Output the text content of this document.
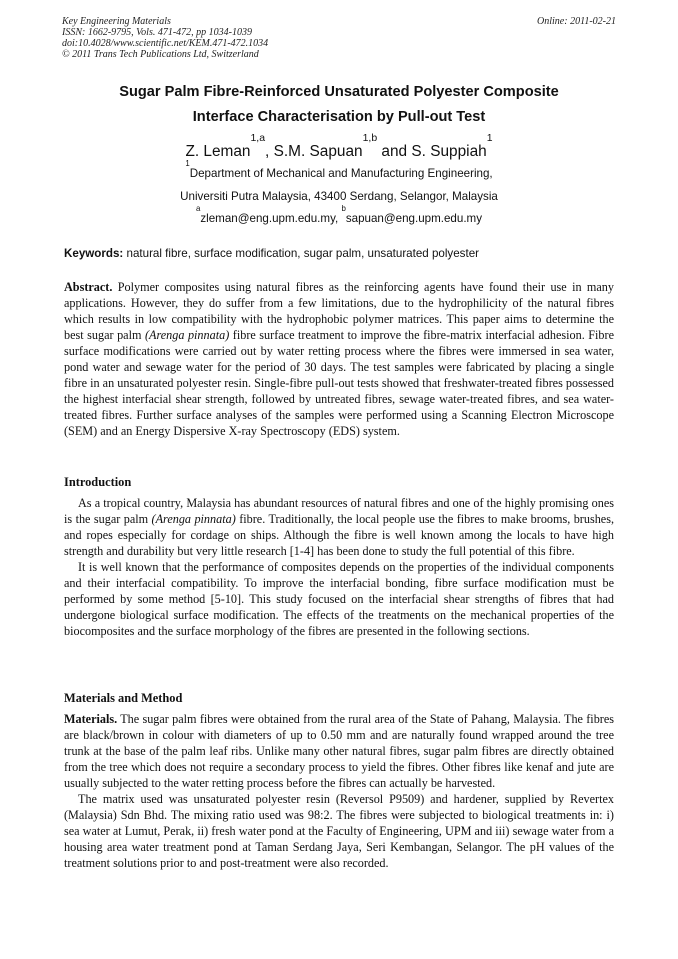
Key Engineering Materials
ISSN: 1662-9795, Vols. 471-472, pp 1034-1039
doi:10.4028/www.scientific.net/KEM.471-472.1034
© 2011 Trans Tech Publications Ltd, Switzerland
Online: 2011-02-21
Sugar Palm Fibre-Reinforced Unsaturated Polyester Composite
Interface Characterisation by Pull-out Test
Z. Leman$^{1,a}$, S.M. Sapuan$^{1,b}$ and S. Suppiah$^1$
$^1$Department of Mechanical and Manufacturing Engineering,
Universiti Putra Malaysia, 43400 Serdang, Selangor, Malaysia
$^a$zleman@eng.upm.edu.my, $^b$sapuan@eng.upm.edu.my
Keywords: natural fibre, surface modification, sugar palm, unsaturated polyester

Abstract. Polymer composites using natural fibres as the reinforcing agents have found their use in many applications. However, they do suffer from a few limitations, due to the hydrophilicity of the natural fibres which results in low compatibility with the hydrophobic polymer matrices. This paper aims to determine the best sugar palm (Arenga pinnata) fibre surface treatment to improve the fibre-matrix interfacial adhesion. Fibre surface modifications were carried out by water retting process where the fibres were immersed in sea water, pond water and sewage water for the period of 30 days. The test samples were fabricated by placing a single fibre in an unsaturated polyester resin. Single-fibre pull-out tests showed that freshwater-treated fibres possessed the highest interfacial shear strength, followed by untreated fibres, sewage water-treated fibres, and sea water-treated fibres. Further surface analyses of the samples were performed using a Scanning Electron Microscope (SEM) and an Energy Dispersive X-ray Spectroscopy (EDS) system.

Introduction

As a tropical country, Malaysia has abundant resources of natural fibres and one of the highly promising ones is the sugar palm (Arenga pinnata) fibre. Traditionally, the local people use the fibres to make brooms, brushes, and ropes especially for cordage on ships. Although the fibre is well known among the locals to have high strength and durability but very little research [1-4] has been done to study the full potential of this fibre.

It is well known that the performance of composites depends on the properties of the individual components and their interfacial compatibility. To improve the interfacial bonding, fibre surface modification must be performed by some method [5-10]. This study focused on the interfacial shear strengths of fibres that had undergone biological surface modification. The effects of the treatments on the mechanical properties of the biocomposites and the surface morphology of the fibres are presented in the following sections.

Materials and Method

Materials. The sugar palm fibres were obtained from the rural area of the State of Pahang, Malaysia. The fibres are black/brown in colour with diameters of up to 0.50 mm and are naturally found wrapped around the tree trunk at the base of the palm leaf ribs. Unlike many other natural fibres, sugar palm fibres are directly obtained from the tree which does not require a secondary process to yield the fibres. Other fibres like kenaf and jute are usually subjected to the water retting process before the fibres can actually be harvested.

The matrix used was unsaturated polyester resin (Reversol P9509) and hardener, supplied by Revertex (Malaysia) Sdn Bhd. The mixing ratio used was 98:2. The fibres were subjected to biological treatments in: i) sea water at Lumut, Perak, ii) fresh water pond at the Faculty of Engineering, UPM and iii) sewage water from a housing area water treatment pond at Taman Serdang Jaya, Seri Kembangan, Selangor. The pH values of the treatment solutions prior to and post-treatment were also recorded.
